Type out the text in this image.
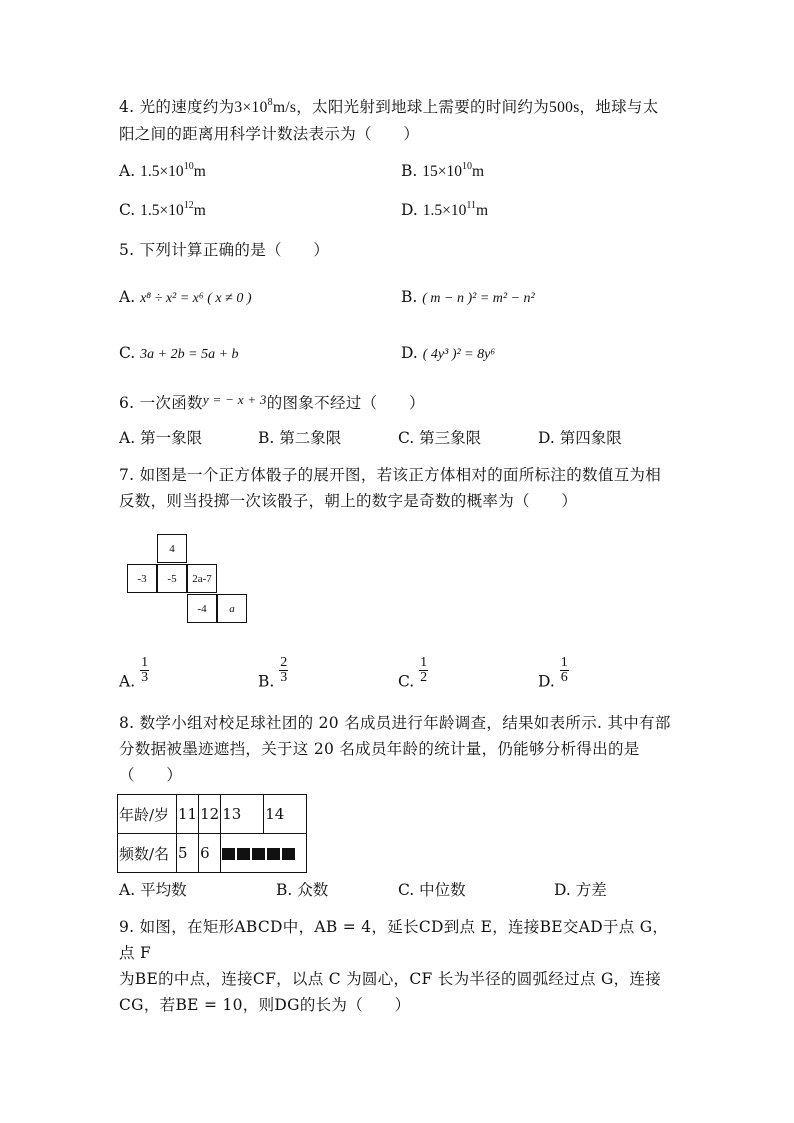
4. 光的速度约为$3\times 10^8m/s$，太阳光射到地球上需要的时间约为500s，地球与太
阳之间的距离用科学计数法表示为（　　）
A. $1.5\times 10^{10}m$	B. $15\times 10^{10}m$
C. $1.5\times 10^{12}m$	D. $1.5\times 10^{11}m$
5. 下列计算正确的是（　　）
A. x⁸ ÷ x² = x⁶ ( x ≠ 0 )	B. ( m − n )² = m² − n²
C. 3a + 2b = 5a + b	D. ( 4y³ )² = 8y⁶
6. 一次函数$^{y = - x + 3}$的图象不经过（　　）
A. 第一象限	B. 第二象限	C. 第三象限	D. 第四象限
7. 如图是一个正方体骰子的展开图，若该正方体相对的面所标注的数值互为相
反数，则当投掷一次该骰子，朝上的数字是奇数的概率为（　　）
4
-3	-5	2a-7
-4	a
A. $\frac{1}{3}$	B. $\frac{2}{3}$	C. $\frac{1}{2}$	D. $\frac{1}{6}$
8. 数学小组对校足球社团的 20 名成员进行年龄调查，结果如表所示. 其中有部
分数据被墨迹遮挡，关于这 20 名成员年龄的统计量，仍能够分析得出的是
（　　）
年龄/岁	11	12	13	14
频数/名	5	6		
A. 平均数	B. 众数	C. 中位数	D. 方差
9. 如图，在矩形ABCD中，AB = 4，延长CD到点 E，连接BE交AD于点 G，点 F
为BE的中点，连接CF，以点 C 为圆心，CF 长为半径的圆弧经过点 G，连接
CG，若BE = 10，则DG的长为（　　）
